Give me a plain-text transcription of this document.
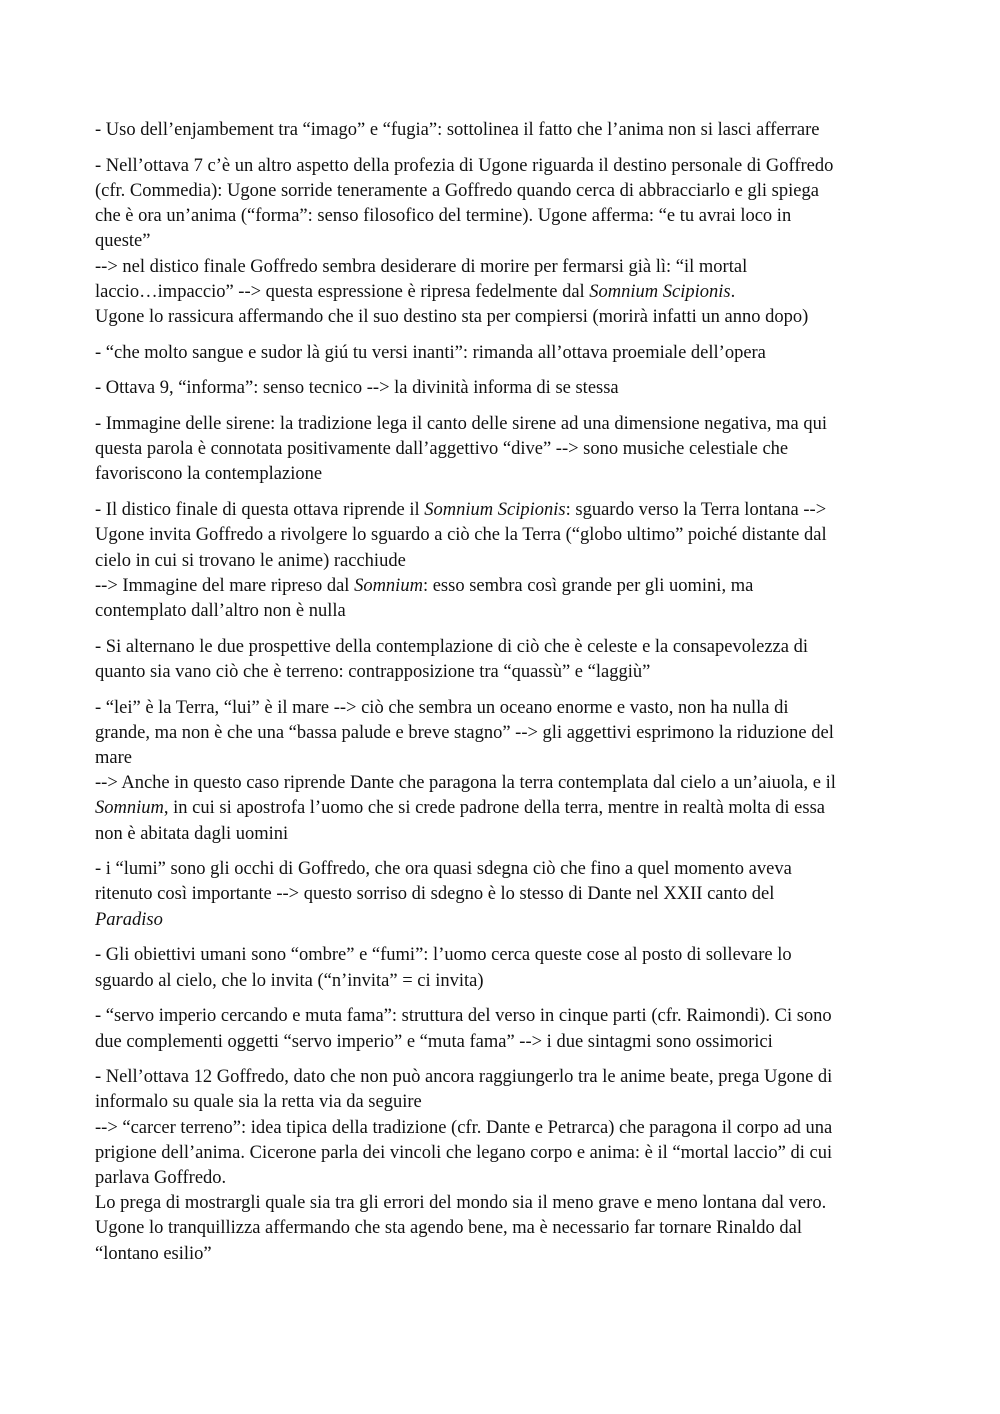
- Uso dell’enjambement tra “imago” e “fugia”: sottolinea il fatto che l’anima non si lasci afferrare
- Nell’ottava 7 c’è un altro aspetto della profezia di Ugone riguarda il destino personale di Goffredo
(cfr. Commedia): Ugone sorride teneramente a Goffredo quando cerca di abbracciarlo e gli spiega
che è ora un’anima (“forma”: senso filosofico del termine). Ugone afferma: “e tu avrai loco in
queste”
--> nel distico finale Goffredo sembra desiderare di morire per fermarsi già lì: “il mortal
laccio…impaccio” --> questa espressione è ripresa fedelmente dal Somnium Scipionis.
Ugone lo rassicura affermando che il suo destino sta per compiersi (morirà infatti un anno dopo)
- “che molto sangue e sudor là giú tu versi inanti”: rimanda all’ottava proemiale dell’opera
- Ottava 9, “informa”: senso tecnico --> la divinità informa di se stessa
- Immagine delle sirene: la tradizione lega il canto delle sirene ad una dimensione negativa, ma qui
questa parola è connotata positivamente dall’aggettivo “dive” --> sono musiche celestiale che
favoriscono la contemplazione
- Il distico finale di questa ottava riprende il Somnium Scipionis: sguardo verso la Terra lontana -->
Ugone invita Goffredo a rivolgere lo sguardo a ciò che la Terra (“globo ultimo” poiché distante dal
cielo in cui si trovano le anime) racchiude
--> Immagine del mare ripreso dal Somnium: esso sembra così grande per gli uomini, ma
contemplato dall’altro non è nulla
- Si alternano le due prospettive della contemplazione di ciò che è celeste e la consapevolezza di
quanto sia vano ciò che è terreno: contrapposizione tra “quassù” e “laggiù”
- “lei” è la Terra, “lui” è il mare --> ciò che sembra un oceano enorme e vasto, non ha nulla di
grande, ma non è che una “bassa palude e breve stagno” --> gli aggettivi esprimono la riduzione del
mare
--> Anche in questo caso riprende Dante che paragona la terra contemplata dal cielo a un’aiuola, e il
Somnium, in cui si apostrofa l’uomo che si crede padrone della terra, mentre in realtà molta di essa
non è abitata dagli uomini
- i “lumi” sono gli occhi di Goffredo, che ora quasi sdegna ciò che fino a quel momento aveva
ritenuto così importante --> questo sorriso di sdegno è lo stesso di Dante nel XXII canto del
Paradiso
- Gli obiettivi umani sono “ombre” e “fumi”: l’uomo cerca queste cose al posto di sollevare lo
sguardo al cielo, che lo invita (“n’invita” = ci invita)
- “servo imperio cercando e muta fama”: struttura del verso in cinque parti (cfr. Raimondi). Ci sono
due complementi oggetti “servo imperio” e “muta fama” --> i due sintagmi sono ossimorici
- Nell’ottava 12 Goffredo, dato che non può ancora raggiungerlo tra le anime beate, prega Ugone di
informalo su quale sia la retta via da seguire
--> “carcer terreno”: idea tipica della tradizione (cfr. Dante e Petrarca) che paragona il corpo ad una
prigione dell’anima. Cicerone parla dei vincoli che legano corpo e anima: è il “mortal laccio” di cui
parlava Goffredo.
Lo prega di mostrargli quale sia tra gli errori del mondo sia il meno grave e meno lontana dal vero.
Ugone lo tranquillizza affermando che sta agendo bene, ma è necessario far tornare Rinaldo dal
“lontano esilio”
